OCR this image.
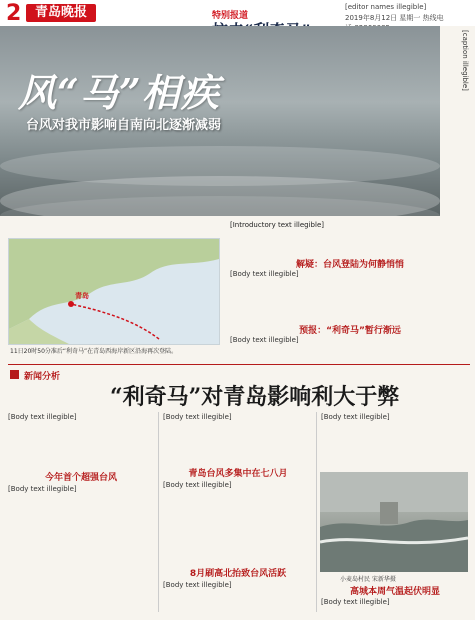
2	青岛晚报	特别报道
[editor names illegible]
2019年8月12日 星期一 热线电
风“马”相疾
台风对我市影响自南向北逐渐减弱
[caption illegible]
[Introductory text illegible]
解疑：台风登陆为何静悄悄
[Body text illegible]
预报：“利奇马”暂行渐远
[Body text illegible]
青岛
11日20时50分准后“利奇马”在青岛西海岸新区沿海再次登陆。
新闻分析
“利奇马”对青岛影响利大于弊
[Body text illegible]
今年首个超强台风
[Body text illegible]
[Body text illegible]
青岛台风多集中在七八月
[Body text illegible]
8月刷高北抬致台风活跃
[Body text illegible]
[Body text illegible]
小麦岛村民 宋新华摄
高城本周气温起伏明显
[Body text illegible]
